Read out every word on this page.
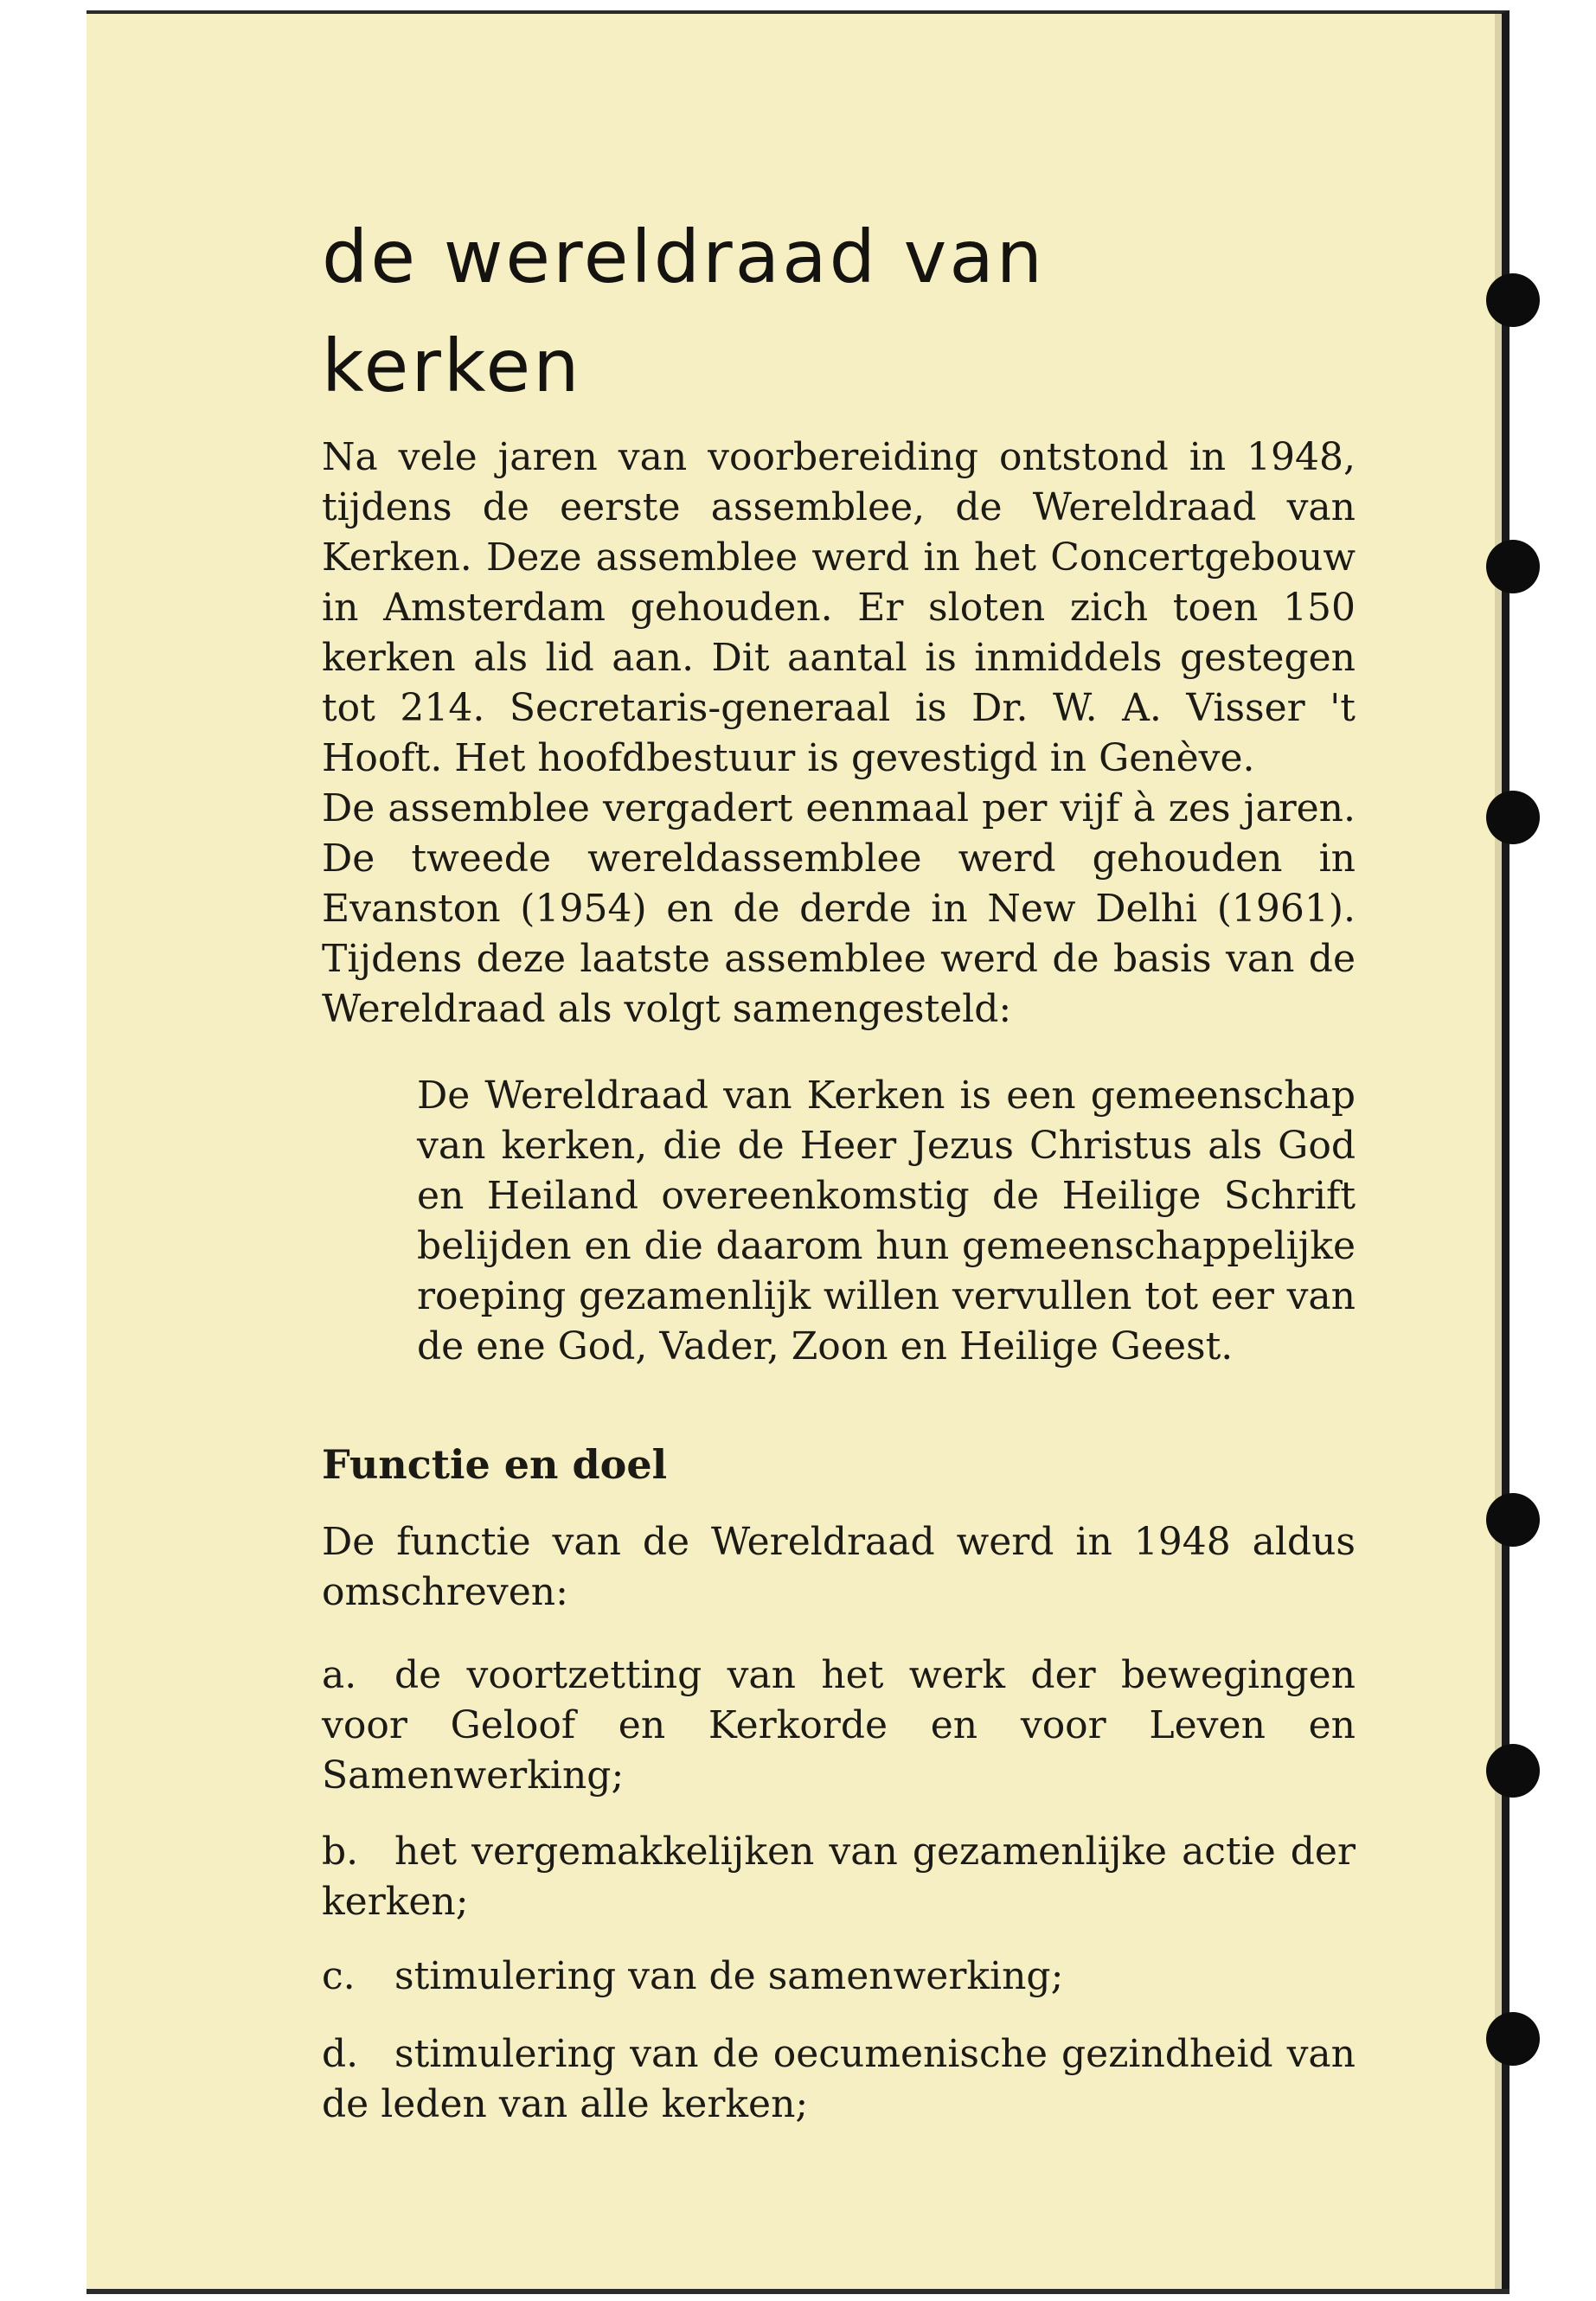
de wereldraad van
kerken

Na vele jaren van voorbereiding ontstond in 1948, tijdens de eerste assemblee, de Wereldraad van Kerken. Deze assemblee werd in het Concertgebouw in Amsterdam gehouden. Er sloten zich toen 150 kerken als lid aan. Dit aantal is inmiddels gestegen tot 214. Secretaris-generaal is Dr. W. A. Visser 't Hooft. Het hoofdbestuur is gevestigd in Genève.

De assemblee vergadert eenmaal per vijf à zes jaren. De tweede wereldassemblee werd gehouden in Evanston (1954) en de derde in New Delhi (1961). Tijdens deze laatste assemblee werd de basis van de Wereldraad als volgt samengesteld:

De Wereldraad van Kerken is een gemeenschap van kerken, die de Heer Jezus Christus als God en Heiland overeenkomstig de Heilige Schrift belijden en die daarom hun gemeenschappelijke roeping gezamenlijk willen vervullen tot eer van de ene God, Vader, Zoon en Heilige Geest.

Functie en doel

De functie van de Wereldraad werd in 1948 aldus omschreven:

a. de voortzetting van het werk der bewegingen voor Geloof en Kerkorde en voor Leven en Samenwerking;

b. het vergemakkelijken van gezamenlijke actie der kerken;

c. stimulering van de samenwerking;

d. stimulering van de oecumenische gezindheid van de leden van alle kerken;
